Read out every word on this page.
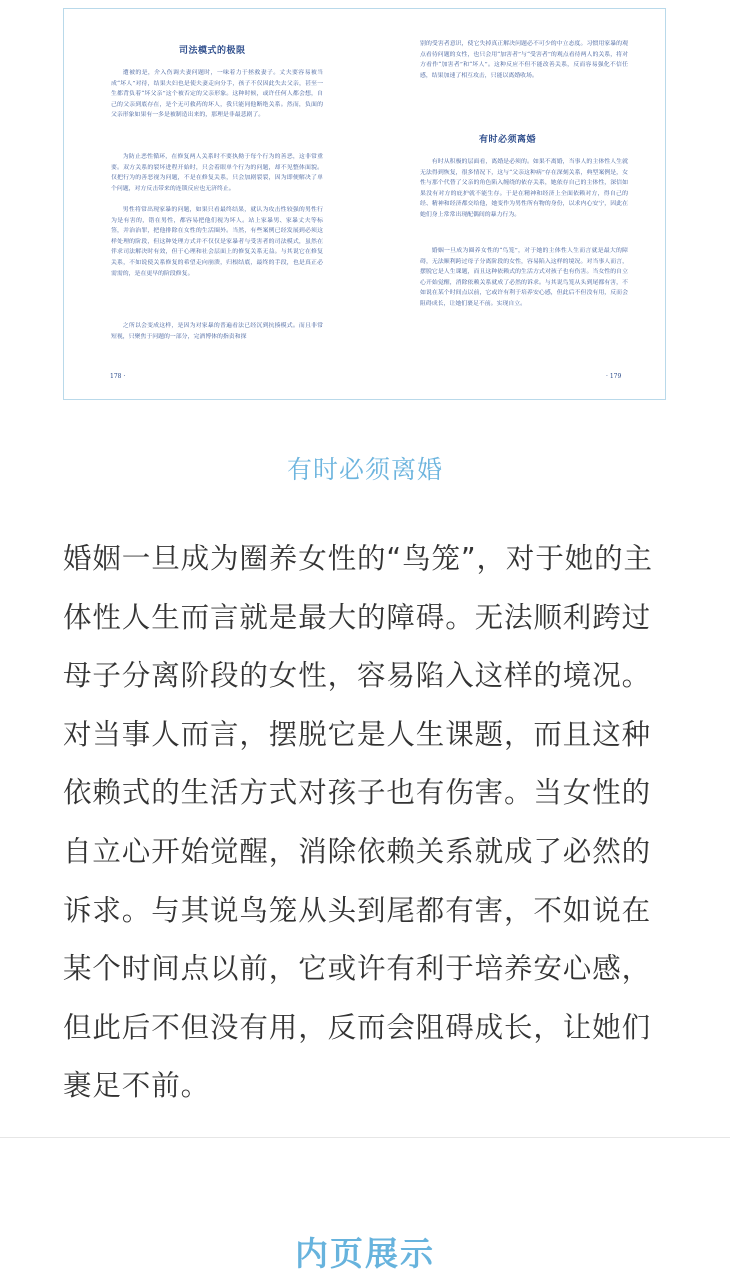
司法模式的极限

遭被的是，介入伤调夫妻问题时，一味着力于拯救妻子。丈夫要容易被当成“坏人”对待，结果夫妇也是使夫妻走向分手，孩子不仅因此失去父亲，甚至一生都背负着“坏父亲”这个被否定的父亲形象。这种时候，或许任何人都会想，自己的父亲到底存在，是个无可救药的坏人，我只能同他断绝关系。然而，负面的父亲形象如果有一多是被制造出来的，那理是非最悲剧了。

为防止恶性循环，在修复两人关系时不要执拗于每个行为的善恶，这非常重要。双方关系的裂坏进程开始时，只会着眼单个行为的问题，却不见整体面貌。仅把行为的善恶视为问题，不是在修复关系，只会加剧裂裂，因为即便解决了单个问题，对方反击带来的连锁反应也无济终止。

男性将常出现家暴的问题，如果只看最终结果，就认为攻击性较强的男性行为是有害的，错在男性，都容易把他们视为坏人。站上家暴男、家暴丈夫等标签，并治治罪，把他排除在女性的生活圈外。当然，有些案例已经发展到必须这样处理的阶段，但这种处理方式并不仅仅是家暴者与受害者的司法模式，虽然在伴求司法解决时有效，但于心理和社会层面上的修复关系无益。与其说它在修复关系，不如说使关系修复的希望走向崩溃，归根结底，最终的手段，也是真正必需需的，是在更早的阶段修复。

之所以会变成这样，是因为对家暴的普遍看法已经沉到抗揍模式。而且非常短视，只聚焦于问题的一部分，完酒博体的指责和探

178 ·

别的受害者意识，使它失掉真正解决问题必不可少的中立态度。习惯用家暴的观点看待问题的女性，也只会用“加害者”与“受害者”的观点看待两人的关系，将对方看作“加害者”和“坏人”。这种反应不但不能改善关系，反而容易强化不信任感，结果加速了相互攻击，只能以离婚收场。

有时必须离婚

有时从积极的层面看，离婚是必须的。如果不离婚，当事人的主体性人生就无法得到恢复，很多情况下，这与“父亲这种病”存在深刻关系，典型案例是，女性与那个代替了父亲的角色陷入缠绕的依存关系，她依存自己的主体性，深信如果没有对方的庇护就不能生存。于是在精神和经济上全面依赖对方，得自己的经、精神和经济都交给他，她变作为男性所有物的身份，以求内心安宁，因此在她们身上常常出现配偶间的暴力行为。

婚姻一旦成为圈养女性的“鸟笼”，对于她的主体性人生而言就是最大的障碍，无法顺利跨过母子分离阶段的女性，容易陷入这样的境况。对当事人而言，摆脱它是人生课题，而且这种依赖式的生活方式对孩子也有伤害。当女性的自立心开始觉醒，消除依赖关系就成了必然的诉求。与其说鸟笼从头到尾都有害，不如说在某个时间点以前，它或许有利于培养安心感，但此后不但没有用，反而会阻碍成长，让她们裹足不前。实现自立。

· 179
有时必须离婚

婚姻一旦成为圈养女性的“鸟笼”，对于她的主体性人生而言就是最大的障碍。无法顺利跨过母子分离阶段的女性，容易陷入这样的境况。对当事人而言，摆脱它是人生课题，而且这种依赖式的生活方式对孩子也有伤害。当女性的自立心开始觉醒，消除依赖关系就成了必然的诉求。与其说鸟笼从头到尾都有害，不如说在某个时间点以前，它或许有利于培养安心感，但此后不但没有用，反而会阻碍成长，让她们裹足不前。

内页展示
